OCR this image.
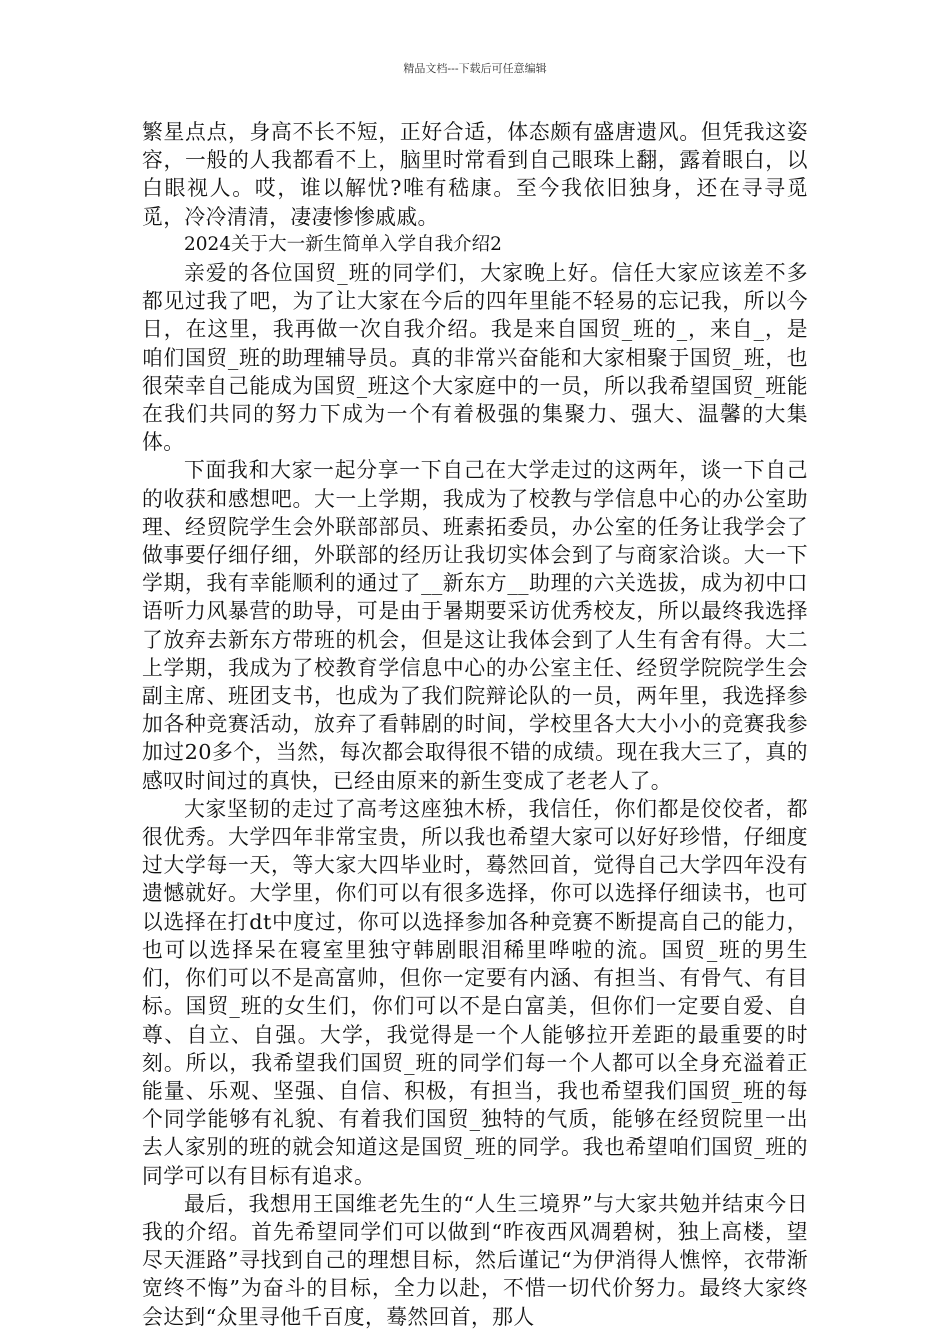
精品文档---下载后可任意编辑

繁星点点，身高不长不短，正好合适，体态颇有盛唐遗风。但凭我这姿容，一般的人我都看不上，脑里时常看到自己眼珠上翻，露着眼白，以白眼视人。哎，谁以解忧?唯有嵇康。至今我依旧独身，还在寻寻觅觅，冷冷清清，凄凄惨惨戚戚。

2024关于大一新生简单入学自我介绍2

亲爱的各位国贸_班的同学们，大家晚上好。信任大家应该差不多都见过我了吧，为了让大家在今后的四年里能不轻易的忘记我，所以今日，在这里，我再做一次自我介绍。我是来自国贸_班的_，来自_，是咱们国贸_班的助理辅导员。真的非常兴奋能和大家相聚于国贸_班，也很荣幸自己能成为国贸_班这个大家庭中的一员，所以我希望国贸_班能在我们共同的努力下成为一个有着极强的集聚力、强大、温馨的大集体。

下面我和大家一起分享一下自己在大学走过的这两年，谈一下自己的收获和感想吧。大一上学期，我成为了校教与学信息中心的办公室助理、经贸院学生会外联部部员、班素拓委员，办公室的任务让我学会了做事要仔细仔细，外联部的经历让我切实体会到了与商家洽谈。大一下学期，我有幸能顺利的通过了__新东方__助理的六关选拔，成为初中口语听力风暴营的助导，可是由于暑期要采访优秀校友，所以最终我选择了放弃去新东方带班的机会，但是这让我体会到了人生有舍有得。大二上学期，我成为了校教育学信息中心的办公室主任、经贸学院院学生会副主席、班团支书，也成为了我们院辩论队的一员，两年里，我选择参加各种竞赛活动，放弃了看韩剧的时间，学校里各大大小小的竞赛我参加过20多个，当然，每次都会取得很不错的成绩。现在我大三了，真的感叹时间过的真快，已经由原来的新生变成了老老人了。

大家坚韧的走过了高考这座独木桥，我信任，你们都是佼佼者，都很优秀。大学四年非常宝贵，所以我也希望大家可以好好珍惜，仔细度过大学每一天，等大家大四毕业时，蓦然回首，觉得自己大学四年没有遗憾就好。大学里，你们可以有很多选择，你可以选择仔细读书，也可以选择在打dt中度过，你可以选择参加各种竞赛不断提高自己的能力，也可以选择呆在寝室里独守韩剧眼泪稀里哗啦的流。国贸_班的男生们，你们可以不是高富帅，但你一定要有内涵、有担当、有骨气、有目标。国贸_班的女生们，你们可以不是白富美，但你们一定要自爱、自尊、自立、自强。大学，我觉得是一个人能够拉开差距的最重要的时刻。所以，我希望我们国贸_班的同学们每一个人都可以全身充溢着正能量、乐观、坚强、自信、积极，有担当，我也希望我们国贸_班的每个同学能够有礼貌、有着我们国贸_独特的气质，能够在经贸院里一出去人家别的班的就会知道这是国贸_班的同学。我也希望咱们国贸_班的同学可以有目标有追求。

最后，我想用王国维老先生的“人生三境界”与大家共勉并结束今日我的介绍。首先希望同学们可以做到“昨夜西风凋碧树，独上高楼，望尽天涯路”寻找到自己的理想目标，然后谨记“为伊消得人憔悴，衣带渐宽终不悔”为奋斗的目标，全力以赴，不惜一切代价努力。最终大家终会达到“众里寻他千百度，蓦然回首，那人
